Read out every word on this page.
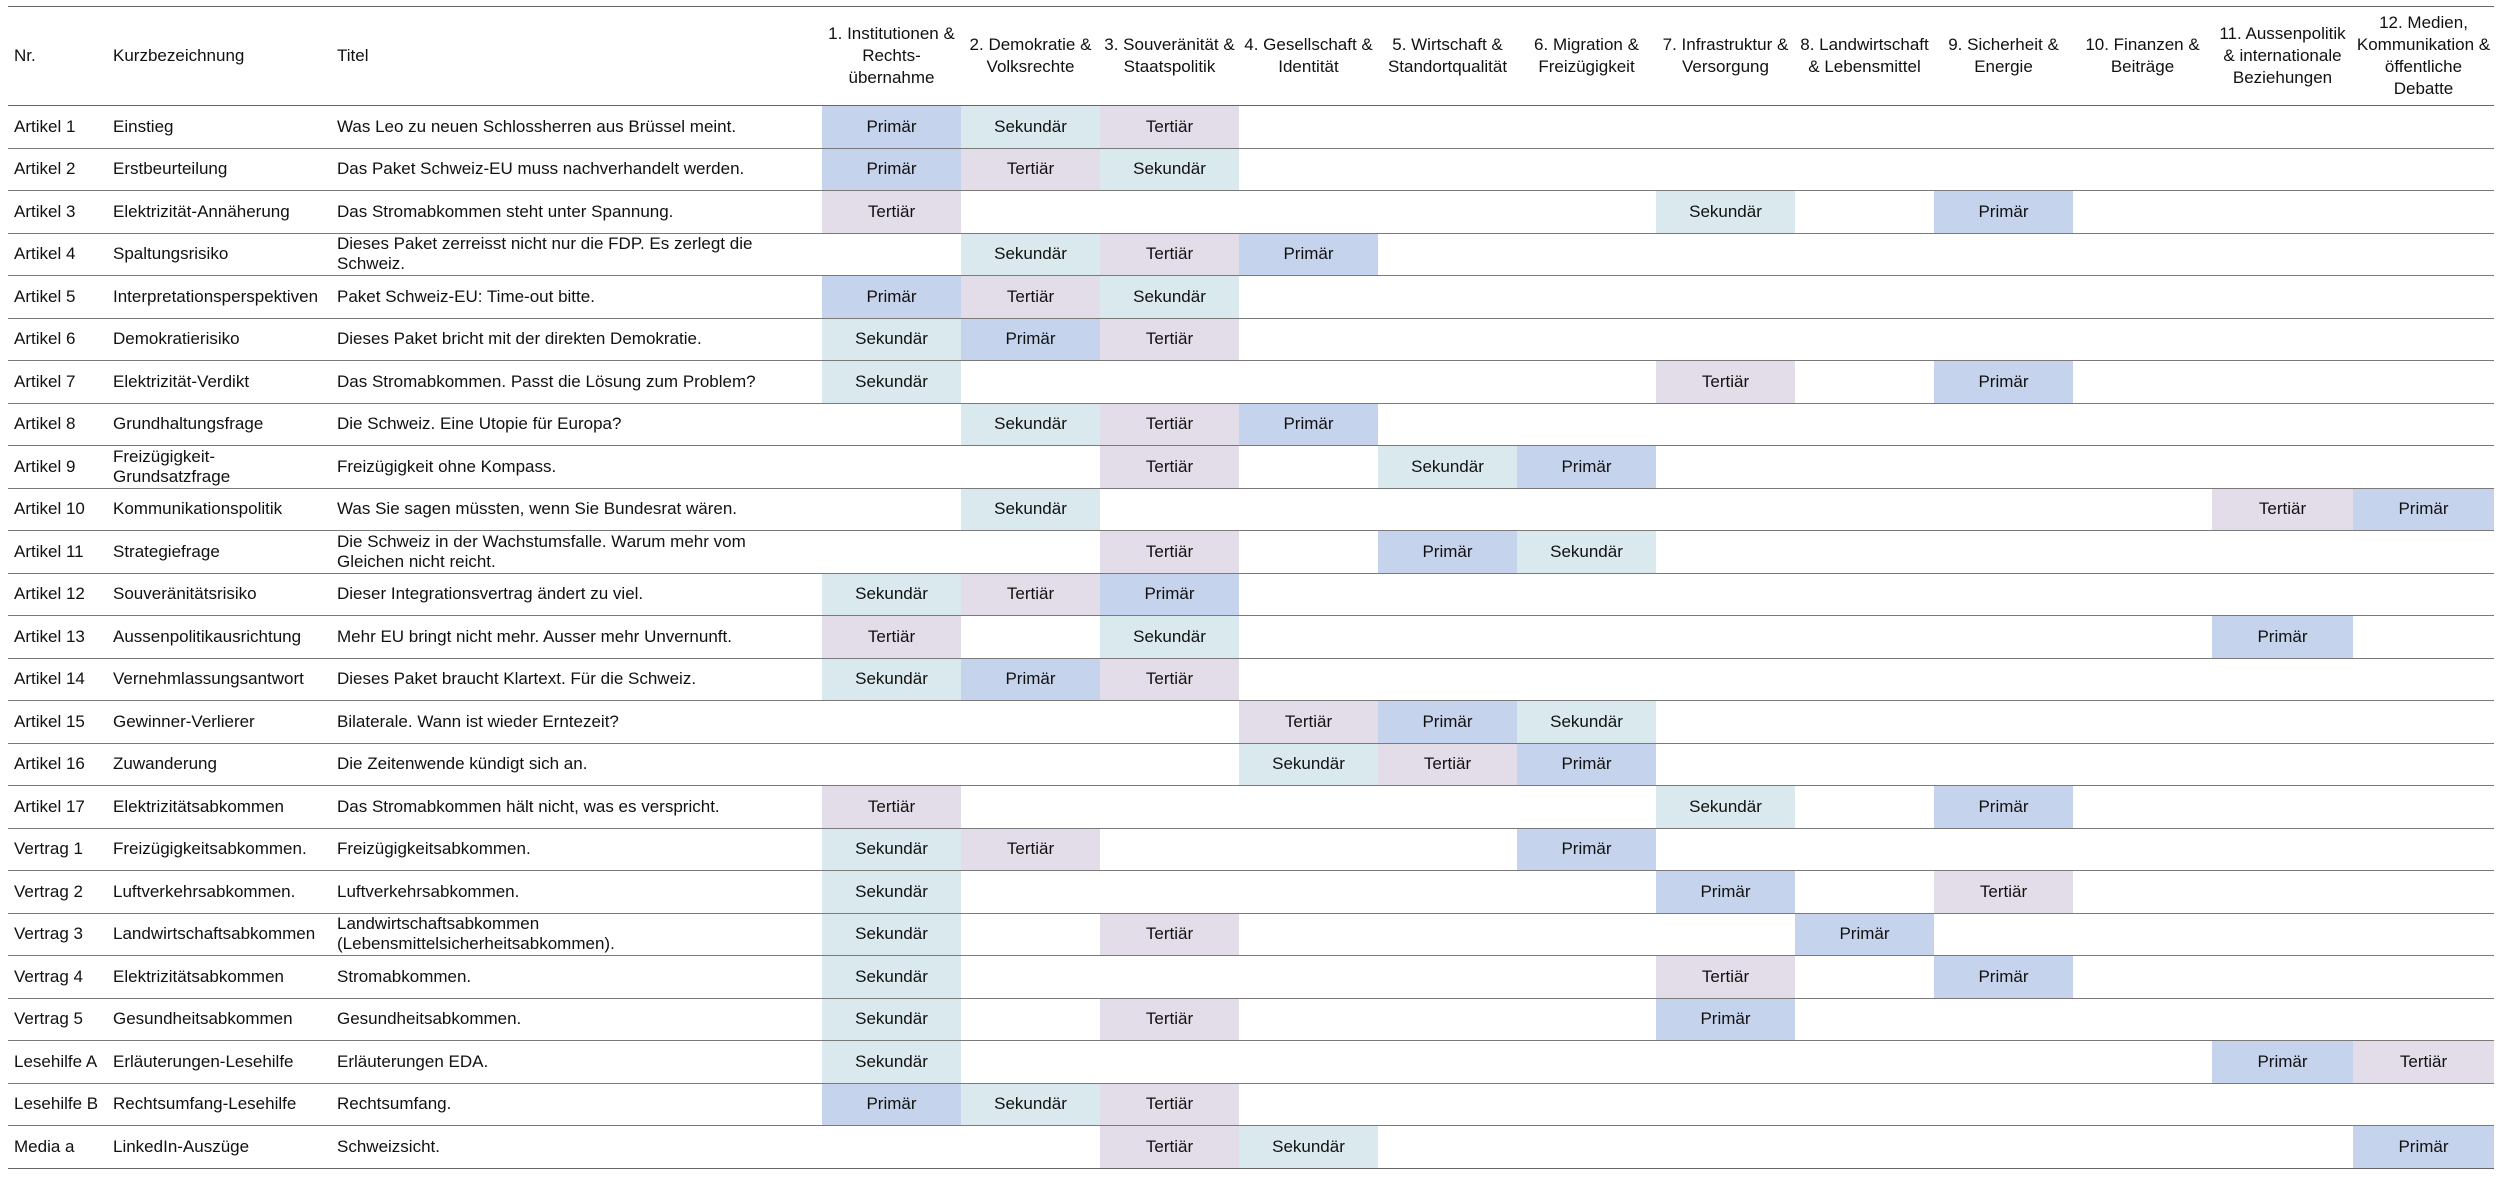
Nr.	Kurzbezeichnung	Titel	1. Institutionen & Rechts-übernahme	2. Demokratie & Volksrechte	3. Souveränität & Staatspolitik	4. Gesellschaft & Identität	5. Wirtschaft & Standortqualität	6. Migration & Freizügigkeit	7. Infrastruktur & Versorgung	8. Landwirtschaft & Lebensmittel	9. Sicherheit & Energie	10. Finanzen & Beiträge	11. Aussenpolitik & internationale Beziehungen	12. Medien, Kommunikation & öffentliche Debatte
Artikel 1	Einstieg	Was Leo zu neuen Schlossherren aus Brüssel meint.	Primär	Sekundär	Tertiär									
Artikel 2	Erstbeurteilung	Das Paket Schweiz-EU muss nachverhandelt werden.	Primär	Tertiär	Sekundär									
Artikel 3	Elektrizität-Annäherung	Das Stromabkommen steht unter Spannung.	Tertiär						Sekundär		Primär			
Artikel 4	Spaltungsrisiko	Dieses Paket zerreisst nicht nur die FDP. Es zerlegt die Schweiz.		Sekundär	Tertiär	Primär								
Artikel 5	Interpretationsperspektiven	Paket Schweiz-EU: Time-out bitte.	Primär	Tertiär	Sekundär									
Artikel 6	Demokratierisiko	Dieses Paket bricht mit der direkten Demokratie.	Sekundär	Primär	Tertiär									
Artikel 7	Elektrizität-Verdikt	Das Stromabkommen. Passt die Lösung zum Problem?	Sekundär						Tertiär		Primär			
Artikel 8	Grundhaltungsfrage	Die Schweiz. Eine Utopie für Europa?		Sekundär	Tertiär	Primär								
Artikel 9	Freizügigkeit-Grundsatzfrage	Freizügigkeit ohne Kompass.			Tertiär		Sekundär	Primär						
Artikel 10	Kommunikationspolitik	Was Sie sagen müssten, wenn Sie Bundesrat wären.		Sekundär									Tertiär	Primär
Artikel 11	Strategiefrage	Die Schweiz in der Wachstumsfalle. Warum mehr vom Gleichen nicht reicht.			Tertiär		Primär	Sekundär						
Artikel 12	Souveränitätsrisiko	Dieser Integrationsvertrag ändert zu viel.	Sekundär	Tertiär	Primär									
Artikel 13	Aussenpolitikausrichtung	Mehr EU bringt nicht mehr. Ausser mehr Unvernunft.	Tertiär		Sekundär								Primär	
Artikel 14	Vernehmlassungsantwort	Dieses Paket braucht Klartext. Für die Schweiz.	Sekundär	Primär	Tertiär									
Artikel 15	Gewinner-Verlierer	Bilaterale. Wann ist wieder Erntezeit?				Tertiär	Primär	Sekundär						
Artikel 16	Zuwanderung	Die Zeitenwende kündigt sich an.				Sekundär	Tertiär	Primär						
Artikel 17	Elektrizitätsabkommen	Das Stromabkommen hält nicht, was es verspricht.	Tertiär						Sekundär		Primär			
Vertrag 1	Freizügigkeitsabkommen.	Freizügigkeitsabkommen.	Sekundär	Tertiär				Primär						
Vertrag 2	Luftverkehrsabkommen.	Luftverkehrsabkommen.	Sekundär						Primär		Tertiär			
Vertrag 3	Landwirtschaftsabkommen	Landwirtschaftsabkommen (Lebensmittelsicherheitsabkommen).	Sekundär		Tertiär					Primär				
Vertrag 4	Elektrizitätsabkommen	Stromabkommen.	Sekundär						Tertiär		Primär			
Vertrag 5	Gesundheitsabkommen	Gesundheitsabkommen.	Sekundär		Tertiär				Primär					
Lesehilfe A	Erläuterungen-Lesehilfe	Erläuterungen EDA.	Sekundär										Primär	Tertiär
Lesehilfe B	Rechtsumfang-Lesehilfe	Rechtsumfang.	Primär	Sekundär	Tertiär									
Media a	LinkedIn-Auszüge	Schweizsicht.			Tertiär	Sekundär								Primär
